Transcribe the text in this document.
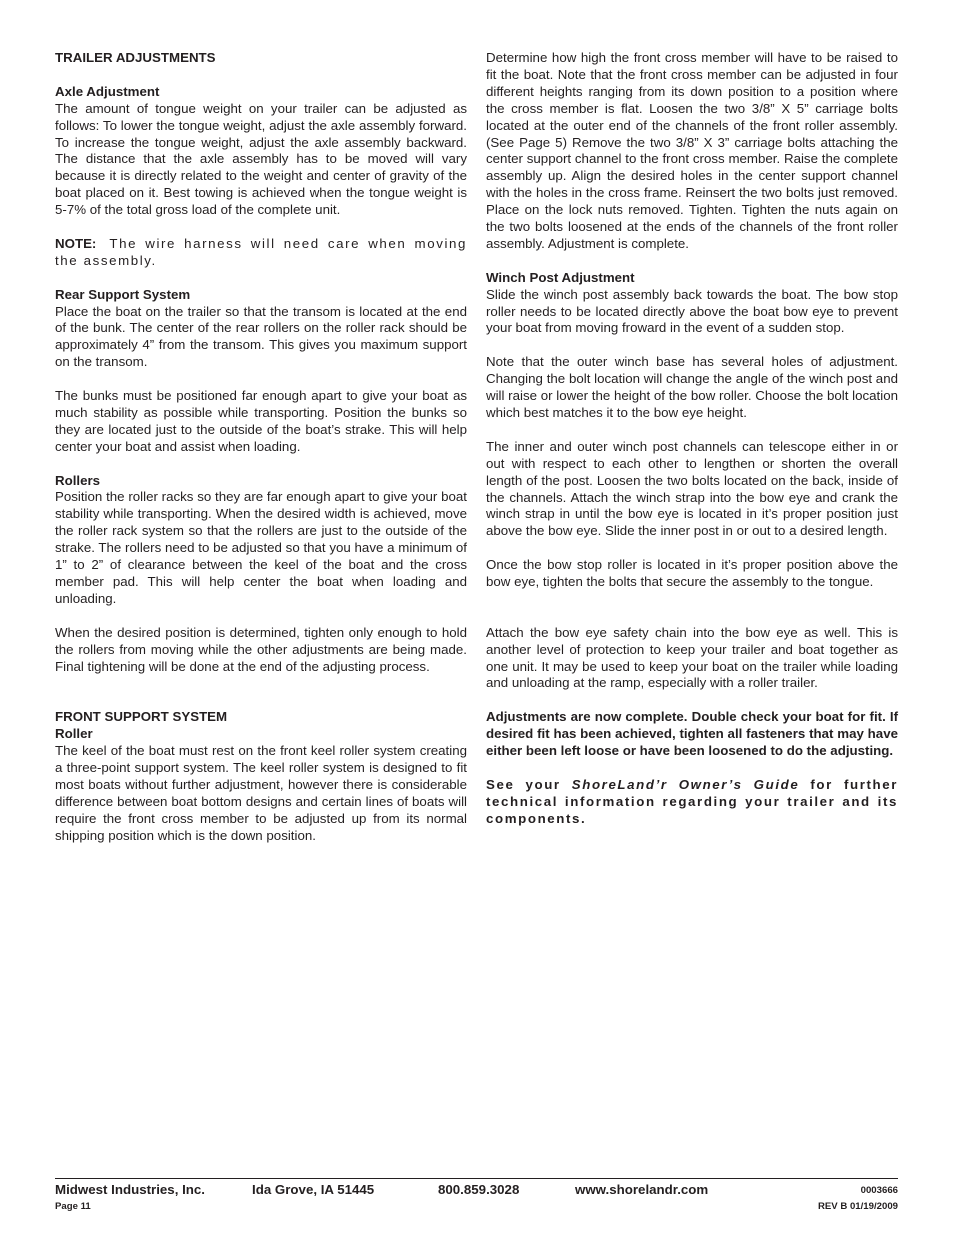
TRAILER ADJUSTMENTS
Axle Adjustment

The amount of tongue weight on your trailer can be adjusted as follows: To lower the tongue weight, adjust the axle assembly forward. To increase the tongue weight, adjust the axle assembly backward. The distance that the axle assembly has to be moved will vary because it is directly related to the weight and center of gravity of the boat placed on it. Best towing is achieved when the tongue weight is 5-7% of the total gross load of the complete unit.

NOTE: The wire harness will need care when moving the assembly.

Rear Support System

Place the boat on the trailer so that the transom is located at the end of the bunk. The center of the rear rollers on the roller rack should be approximately 4” from the transom. This gives you maximum support on the transom.

The bunks must be positioned far enough apart to give your boat as much stability as possible while transporting. Position the bunks so they are located just to the outside of the boat’s strake. This will help center your boat and assist when loading.

Rollers

Position the roller racks so they are far enough apart to give your boat stability while transporting. When the desired width is achieved, move the roller rack system so that the rollers are just to the outside of the strake. The rollers need to be adjusted so that you have a minimum of 1” to 2” of clearance between the keel of the boat and the cross member pad. This will help center the boat when loading and unloading.

When the desired position is determined, tighten only enough to hold the rollers from moving while the other adjustments are being made. Final tightening will be done at the end of the adjusting process.

FRONT SUPPORT SYSTEM
Roller

The keel of the boat must rest on the front keel roller system creating a three-point support system. The keel roller system is designed to fit most boats without further adjustment, however there is considerable difference between boat bottom designs and certain lines of boats will require the front cross member to be adjusted up from its normal shipping position which is the down position.

Determine how high the front cross member will have to be raised to fit the boat. Note that the front cross member can be adjusted in four different heights ranging from its down position to a position where the cross member is flat. Loosen the two 3/8” X 5” carriage bolts located at the outer end of the channels of the front roller assembly. (See Page 5) Remove the two 3/8” X 3” carriage bolts attaching the center support channel to the front cross member. Raise the complete assembly up. Align the desired holes in the center support channel with the holes in the cross frame. Reinsert the two bolts just removed. Place on the lock nuts removed. Tighten. Tighten the nuts again on the two bolts loosened at the ends of the channels of the front roller assembly. Adjustment is complete.

Winch Post Adjustment

Slide the winch post assembly back towards the boat. The bow stop roller needs to be located directly above the boat bow eye to prevent your boat from moving froward in the event of a sudden stop.

Note that the outer winch base has several holes of adjustment. Changing the bolt location will change the angle of the winch post and will raise or lower the height of the bow roller. Choose the bolt location which best matches it to the bow eye height.

The inner and outer winch post channels can telescope either in or out with respect to each other to lengthen or shorten the overall length of the post. Loosen the two bolts located on the back, inside of the channels. Attach the winch strap into the bow eye and crank the winch strap in until the bow eye is located in it’s proper position just above the bow eye. Slide the inner post in or out to a desired length.

Once the bow stop roller is located in it’s proper position above the bow eye, tighten the bolts that secure the assembly to the tongue.

Attach the bow eye safety chain into the bow eye as well. This is another level of protection to keep your trailer and boat together as one unit. It may be used to keep your boat on the trailer while loading and unloading at the ramp, especially with a roller trailer.

Adjustments are now complete. Double check your boat for fit. If desired fit has been achieved, tighten all fasteners that may have either been left loose or have been loosened to do the adjusting.

See your ShoreLand’r Owner’s Guide for further technical information regarding your trailer and its components.

Midwest Industries, Inc.	Ida Grove, IA 51445	800.859.3028	www.shorelandr.com	0003666
Page 11	REV B 01/19/2009
